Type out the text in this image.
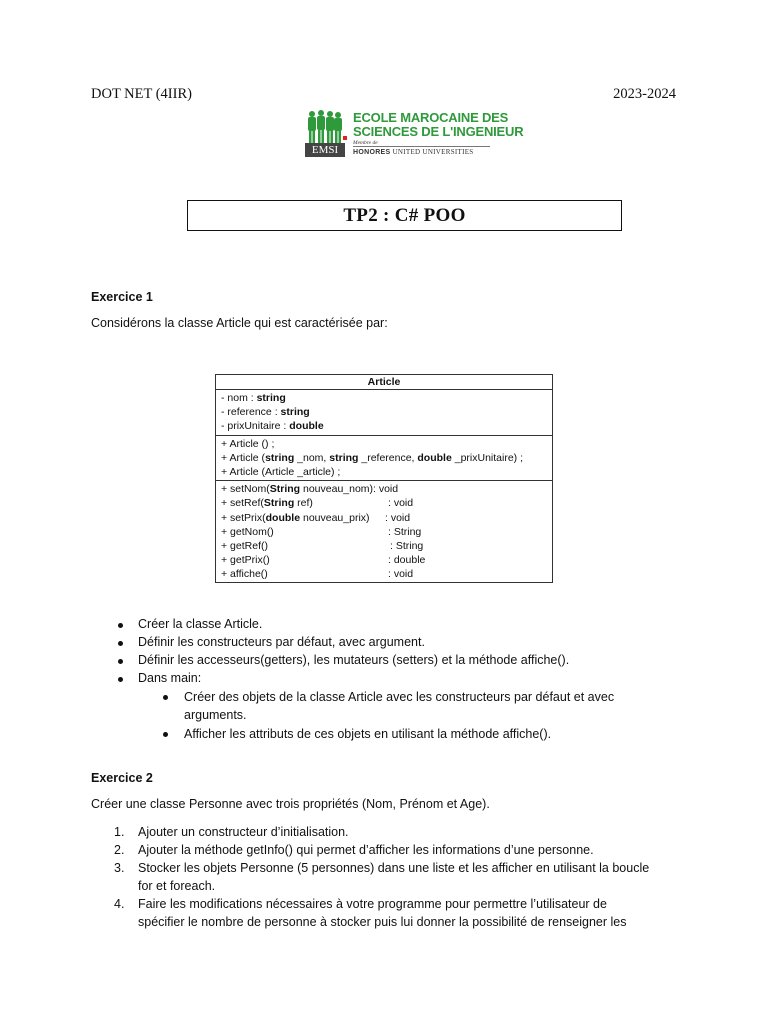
DOT NET (4IIR)	2023-2024
EMSI
ECOLE MAROCAINE DES
SCIENCES DE L'INGENIEUR
Membre de
HONORES UNITED UNIVERSITIES
TP2 : C# POO
Exercice 1
Considérons la classe Article qui est caractérisée par:
Article
- nom : string
- reference : string
- prixUnitaire : double
+ Article () ;
+ Article (string _nom, string _reference, double _prixUnitaire) ;
+ Article (Article _article) ;
+ setNom(String nouveau_nom) : void
+ setRef(String ref)	: void
+ setPrix(double nouveau_prix) : void
+ getNom()	: String
+ getRef()	: String
+ getPrix()	: double
+ affiche()	: void
Créer la classe Article.
Définir les constructeurs par défaut, avec argument.
Définir les accesseurs(getters), les mutateurs (setters) et la méthode affiche().
Dans main:
Créer des objets de la classe Article avec les constructeurs par défaut et avec
arguments.
Afficher les attributs de ces objets en utilisant la méthode affiche().
Exercice 2
Créer une classe Personne avec trois propriétés (Nom, Prénom et Age).
1. Ajouter un constructeur d’initialisation.
2. Ajouter la méthode getInfo() qui permet d’afficher les informations d’une personne.
3. Stocker les objets Personne (5 personnes) dans une liste et les afficher en utilisant la boucle
for et foreach.
4. Faire les modifications nécessaires à votre programme pour permettre l’utilisateur de
spécifier le nombre de personne à stocker puis lui donner la possibilité de renseigner les
